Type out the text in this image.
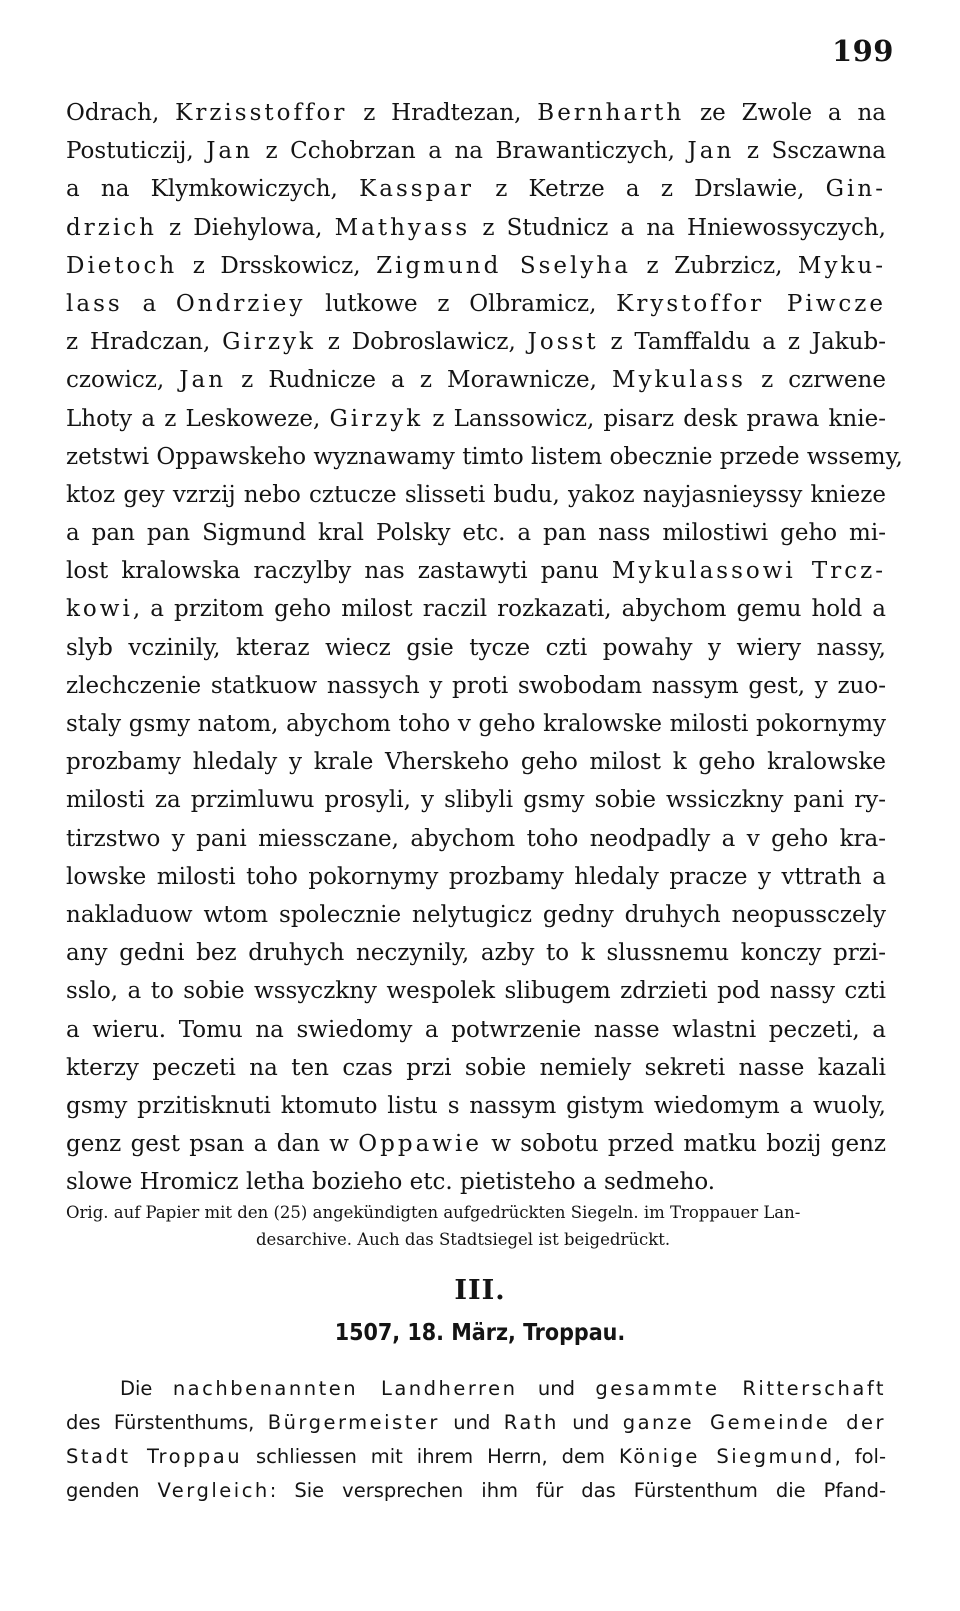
199
Odrach, Krzisstoffor z Hradtezan, Bernharth ze Zwole a na
Postuticzij, Jan z Cchobrzan a na Brawanticzych, Jan z Ssczawna
a na Klymkowiczych, Kasspar z Ketrze a z Drslawie, Gin-
drzich z Diehylowa, Mathyass z Studnicz a na Hniewossyczych,
Dietoch z Drsskowicz, Zigmund Sselyha z Zubrzicz, Myku-
lass a Ondrziey lutkowe z Olbramicz, Krystoffor Piwcze
z Hradczan, Girzyk z Dobroslawicz, Josst z Tamffaldu a z Jakub-
czowicz, Jan z Rudnicze a z Morawnicze, Mykulass z czrwene
Lhoty a z Leskoweze, Girzyk z Lanssowicz, pisarz desk prawa knie-
zetstwi Oppawskeho wyznawamy timto listem obecznie przede wssemy,
ktoz gey vzrzij nebo cztucze slisseti budu, yakoz nayjasnieyssy knieze
a pan pan Sigmund kral Polsky etc. a pan nass milostiwi geho mi-
lost kralowska raczylby nas zastawyti panu Mykulassowi Trcz-
kowi, a przitom geho milost raczil rozkazati, abychom gemu hold a
slyb vczinily, kteraz wiecz gsie tycze czti powahy y wiery nassy,
zlechczenie statkuow nassych y proti swobodam nassym gest, y zuo-
staly gsmy natom, abychom toho v geho kralowske milosti pokornymy
prozbamy hledaly y krale Vherskeho geho milost k geho kralowske
milosti za przimluwu prosyli, y slibyli gsmy sobie wssiczkny pani ry-
tirzstwo y pani miessczane, abychom toho neodpadly a v geho kra-
lowske milosti toho pokornymy prozbamy hledaly pracze y vttrath a
nakladuow wtom spolecznie nelytugicz gedny druhych neopussczely
any gedni bez druhych neczynily, azby to k slussnemu konczy przi-
sslo, a to sobie wssyczkny wespolek slibugem zdrzieti pod nassy czti
a wieru. Tomu na swiedomy a potwrzenie nasse wlastni peczeti, a
kterzy peczeti na ten czas przi sobie nemiely sekreti nasse kazali
gsmy przitisknuti ktomuto listu s nassym gistym wiedomym a wuoly,
genz gest psan a dan w Oppawie w sobotu przed matku bozij genz
slowe Hromicz letha bozieho etc. pietisteho a sedmeho.
Orig. auf Papier mit den (25) angekündigten aufgedrückten Siegeln. im Troppauer Lan-
desarchive. Auch das Stadtsiegel ist beigedrückt.
III.
1507, 18. März, Troppau.
Die nachbenannten Landherren und gesammte Ritterschaft
des Fürstenthums, Bürgermeister und Rath und ganze Gemeinde der
Stadt Troppau schliessen mit ihrem Herrn, dem Könige Siegmund, fol-
genden Vergleich: Sie versprechen ihm für das Fürstenthum die Pfand-
